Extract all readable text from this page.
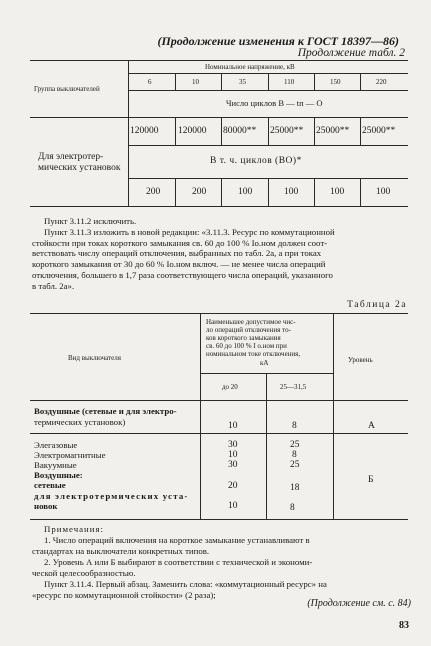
(Продолжение изменения к ГОСТ 18397—86)
Продолжение табл. 2
Номинальное напряжение, кВ
Группа выключателей
6	10	35	110	150	220
Число циклов В — tп — О
120000 120000 80000** 25000** 25000** 25000**
Для электротер-
мических установок
В т. ч. циклов (ВО)*
200	200	100	100	100	100

Пункт 3.11.2 исключить.

Пункт 3.11.3 изложить в новой редакции: «3.11.3. Ресурс по коммутационной

стойкости при токах короткого замыкания св. 60 до 100 % Iо.ном должен соот-

ветствовать числу операций отключения, выбранных по табл. 2а, а при токах

короткого замыкания от 30 до 60 % Iо.ном включ. — не менее числа операций

отключения, большего в 1,7 раза соответствующего числа операций, указанного

в табл. 2а».

Таблица 2а
Вид выключателя
Наименьшее допустимое чис-
ло операций отключения то-
ков короткого замыкания
св. 60 до 100 % I о.ном при
номинальном токе отключения,
кА	Уровень
до 20	25—31,5
Воздушные (сетевые и для электро-
термических установок)	10	8	А
Элегазовые	30	25
Электромагнитные	10	8
Вакуумные	30	25
Воздушные:
сетевые	20	18
Б
для электротермических уста-
новок	10	8
Примечания:
1. Число операций включения на короткое замыкание устанавливают в
стандартах на выключатели конкретных типов.
2. Уровень А или Б выбирают в соответствии с технической и экономи-
ческой целесообразностью.
Пункт 3.11.4. Первый абзац. Заменить слова: «коммутационный ресурс» на
«ресурс по коммутационной стойкости» (2 раза);
(Продолжение см. с. 84)
83
